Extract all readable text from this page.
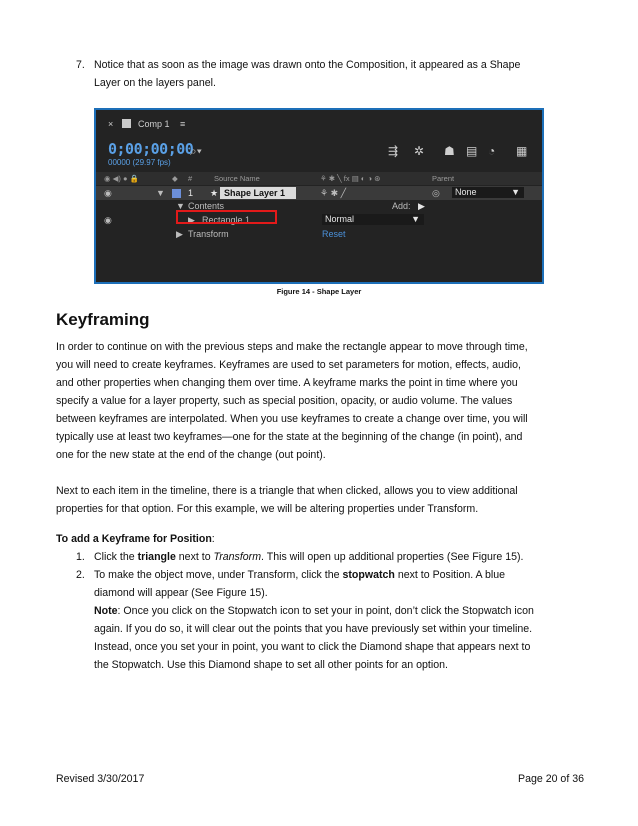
7. Notice that as soon as the image was drawn onto the Composition, it appeared as a Shape
Layer on the layers panel.
×	Comp 1 ≡
0;00;00;00
00000 (29.97 fps)
⌕▾	⇶ ✲ ☗ ▤ ◔ ▦
◉ ◀) ● 🔒	◆ #	Source Name	⚘ ✱ ╲ fx ▤ ◐ ◑ ⊛	Parent
◉	▼	1 ★ Shape Layer 1	⚘ ✱ ╱	◎	None	▼
▼ Contents	Add: ▶
◉	▶ Rectangle 1	Normal	▼
▶ Transform	Reset
Figure 14 - Shape Layer
Keyframing
In order to continue on with the previous steps and make the rectangle appear to move through time,
you will need to create keyframes. Keyframes are used to set parameters for motion, effects, audio,
and other properties when changing them over time. A keyframe marks the point in time where you
specify a value for a layer property, such as special position, opacity, or audio volume. The values
between keyframes are interpolated. When you use keyframes to create a change over time, you will
typically use at least two keyframes—one for the state at the beginning of the change (in point), and
one for the new state at the end of the change (out point).
Next to each item in the timeline, there is a triangle that when clicked, allows you to view additional
properties for that option. For this example, we will be altering properties under Transform.
To add a Keyframe for Position:
1. Click the triangle next to Transform. This will open up additional properties (See Figure 15).
2. To make the object move, under Transform, click the stopwatch next to Position. A blue
diamond will appear (See Figure 15).
Note: Once you click on the Stopwatch icon to set your in point, don’t click the Stopwatch icon
again. If you do so, it will clear out the points that you have previously set within your timeline.
Instead, once you set your in point, you want to click the Diamond shape that appears next to
the Stopwatch. Use this Diamond shape to set all other points for an option.
Revised 3/30/2017	Page 20 of 36
